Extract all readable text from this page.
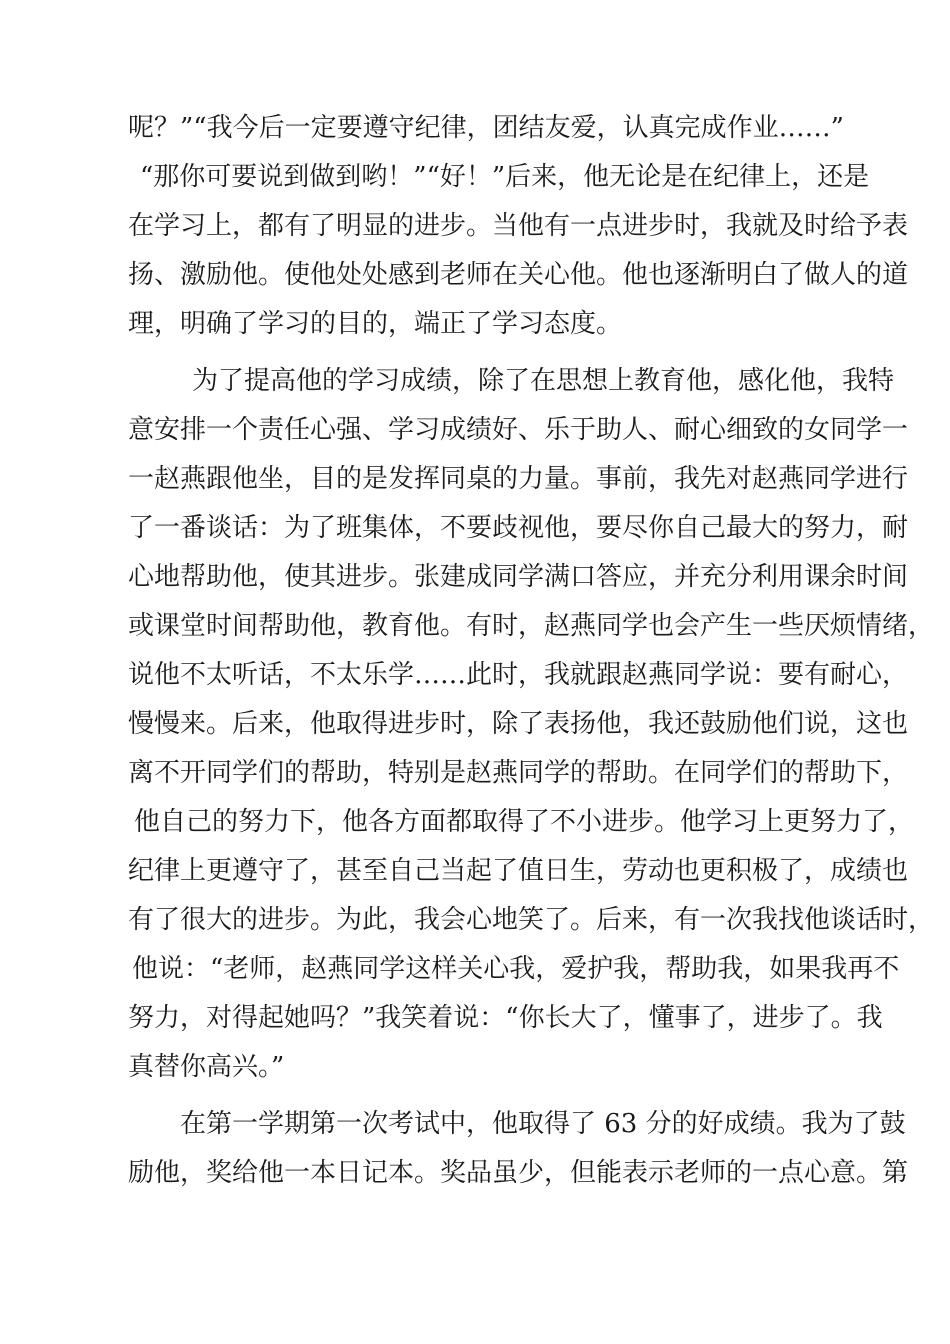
呢？”“我今后一定要遵守纪律，团结友爱，认真完成作业……”
“那你可要说到做到哟！”“好！”后来，他无论是在纪律上，还是
在学习上，都有了明显的进步。当他有一点进步时，我就及时给予表
扬、激励他。使他处处感到老师在关心他。他也逐渐明白了做人的道
理，明确了学习的目的，端正了学习态度。
为了提高他的学习成绩，除了在思想上教育他，感化他，我特
意安排一个责任心强、学习成绩好、乐于助人、耐心细致的女同学一
一赵燕跟他坐，目的是发挥同桌的力量。事前，我先对赵燕同学进行
了一番谈话：为了班集体，不要歧视他，要尽你自己最大的努力，耐
心地帮助他，使其进步。张建成同学满口答应，并充分利用课余时间
或课堂时间帮助他，教育他。有时，赵燕同学也会产生一些厌烦情绪，
说他不太听话，不太乐学……此时，我就跟赵燕同学说：要有耐心，
慢慢来。后来，他取得进步时，除了表扬他，我还鼓励他们说，这也
离不开同学们的帮助，特别是赵燕同学的帮助。在同学们的帮助下，
他自己的努力下，他各方面都取得了不小进步。他学习上更努力了，
纪律上更遵守了，甚至自己当起了值日生，劳动也更积极了，成绩也
有了很大的进步。为此，我会心地笑了。后来，有一次我找他谈话时，
他说：“老师，赵燕同学这样关心我，爱护我，帮助我，如果我再不
努力，对得起她吗？”我笑着说：“你长大了，懂事了，进步了。我
真替你高兴。”
在第一学期第一次考试中，他取得了 63 分的好成绩。我为了鼓
励他，奖给他一本日记本。奖品虽少，但能表示老师的一点心意。第
